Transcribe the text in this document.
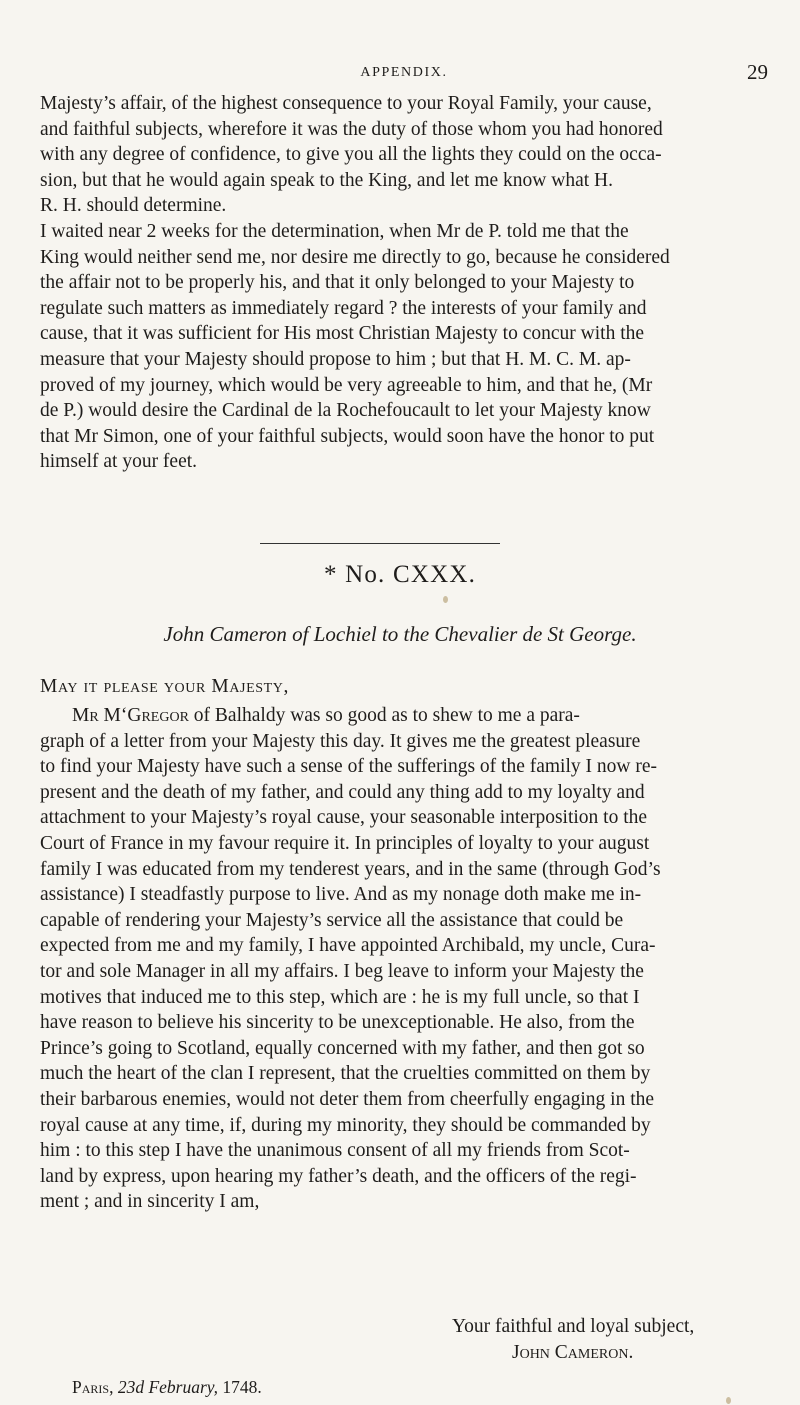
APPENDIX.	29

Majesty’s affair, of the highest consequence to your Royal Family, your cause,

and faithful subjects, wherefore it was the duty of those whom you had honored

with any degree of confidence, to give you all the lights they could on the occa-

sion, but that he would again speak to the King, and let me know what H.

R. H. should determine.

I waited near 2 weeks for the determination, when Mr de P. told me that the

King would neither send me, nor desire me directly to go, because he considered

the affair not to be properly his, and that it only belonged to your Majesty to

regulate such matters as immediately regard ? the interests of your family and

cause, that it was sufficient for His most Christian Majesty to concur with the

measure that your Majesty should propose to him ; but that H. M. C. M. ap-

proved of my journey, which would be very agreeable to him, and that he, (Mr

de P.) would desire the Cardinal de la Rochefoucault to let your Majesty know

that Mr Simon, one of your faithful subjects, would soon have the honor to put

himself at your feet.

* No. CXXX.
John Cameron of Lochiel to the Chevalier de St George.
May it please your Majesty,

Mr M‘Gregor of Balhaldy was so good as to shew to me a para-

graph of a letter from your Majesty this day. It gives me the greatest pleasure

to find your Majesty have such a sense of the sufferings of the family I now re-

present and the death of my father, and could any thing add to my loyalty and

attachment to your Majesty’s royal cause, your seasonable interposition to the

Court of France in my favour require it. In principles of loyalty to your august

family I was educated from my tenderest years, and in the same (through God’s

assistance) I steadfastly purpose to live. And as my nonage doth make me in-

capable of rendering your Majesty’s service all the assistance that could be

expected from me and my family, I have appointed Archibald, my uncle, Cura-

tor and sole Manager in all my affairs. I beg leave to inform your Majesty the

motives that induced me to this step, which are : he is my full uncle, so that I

have reason to believe his sincerity to be unexceptionable. He also, from the

Prince’s going to Scotland, equally concerned with my father, and then got so

much the heart of the clan I represent, that the cruelties committed on them by

their barbarous enemies, would not deter them from cheerfully engaging in the

royal cause at any time, if, during my minority, they should be commanded by

him : to this step I have the unanimous consent of all my friends from Scot-

land by express, upon hearing my father’s death, and the officers of the regi-

ment ; and in sincerity I am,

Your faithful and loyal subject,
John Cameron.
Paris, 23d February, 1748.
